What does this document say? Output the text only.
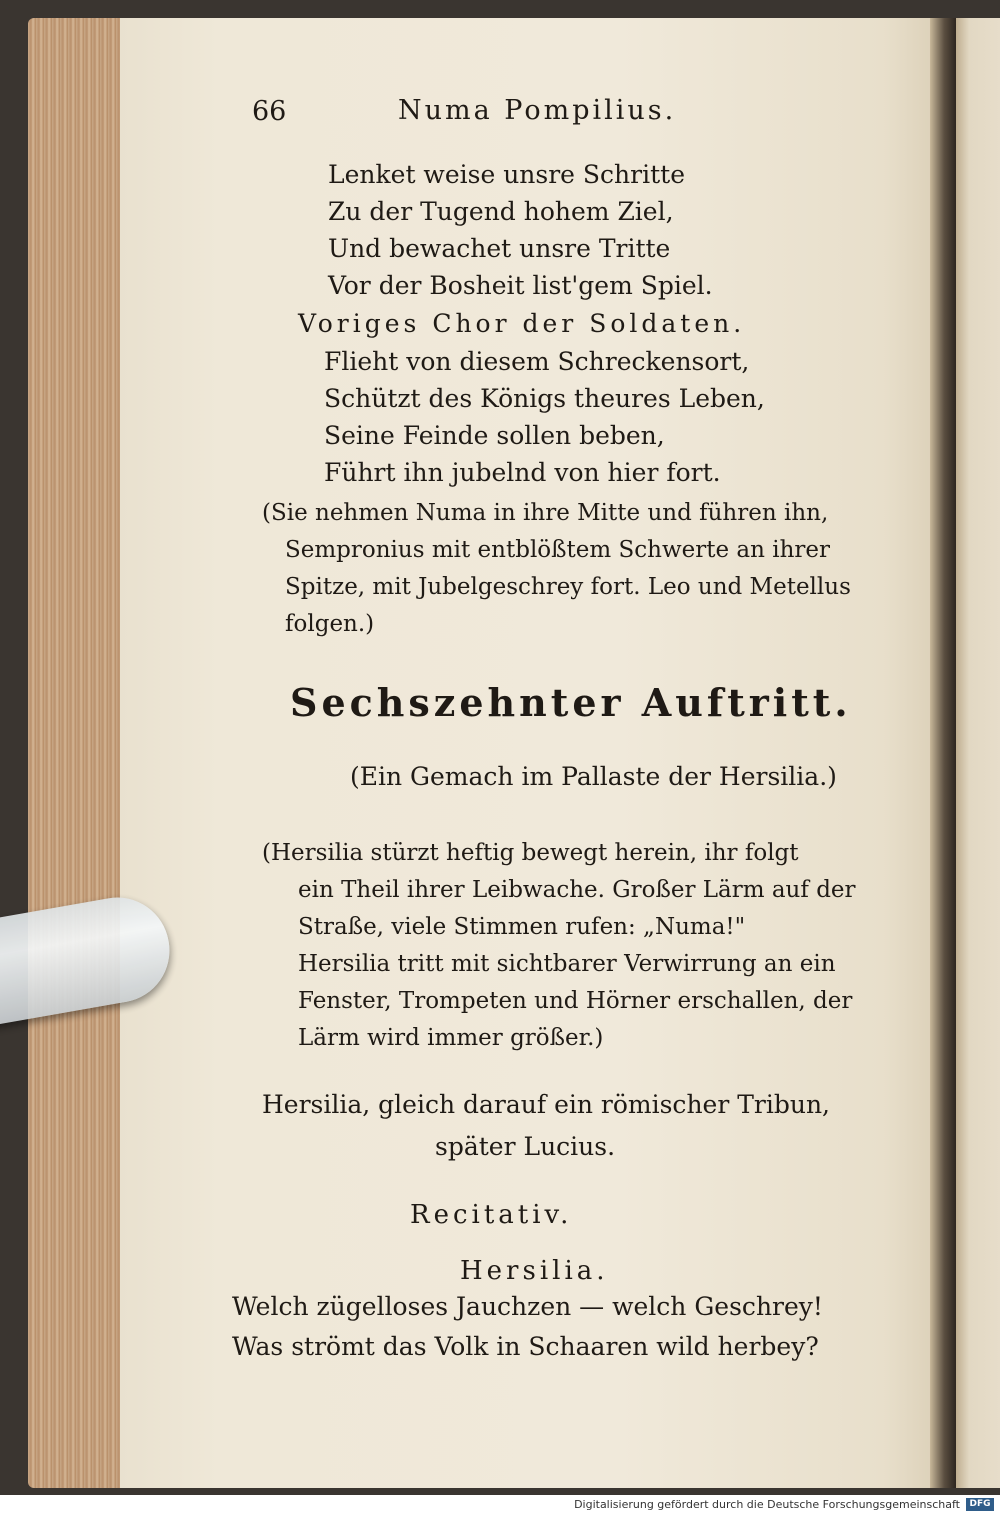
66	Numa Pompilius.
Lenket weise unsre Schritte
Zu der Tugend hohem Ziel,
Und bewachet unsre Tritte
Vor der Bosheit list'gem Spiel.
Voriges Chor der Soldaten.
Flieht von diesem Schreckensort,
Schützt des Königs theures Leben,
Seine Feinde sollen beben,
Führt ihn jubelnd von hier fort.
(Sie nehmen Numa in ihre Mitte und führen ihn,
Sempronius mit entblößtem Schwerte an ihrer
Spitze, mit Jubelgeschrey fort. Leo und Metellus
folgen.)
Sechszehnter Auftritt.
(Ein Gemach im Pallaste der Hersilia.)
(Hersilia stürzt heftig bewegt herein, ihr folgt
ein Theil ihrer Leibwache. Großer Lärm auf der
Straße, viele Stimmen rufen: „Numa!"
Hersilia tritt mit sichtbarer Verwirrung an ein
Fenster, Trompeten und Hörner erschallen, der
Lärm wird immer größer.)
Hersilia, gleich darauf ein römischer Tribun,
später Lucius.
Recitativ.
Hersilia.
Welch zügelloses Jauchzen — welch Geschrey!
Was strömt das Volk in Schaaren wild herbey?
Digitalisierung gefördert durch die Deutsche Forschungsgemeinschaft	DFG
